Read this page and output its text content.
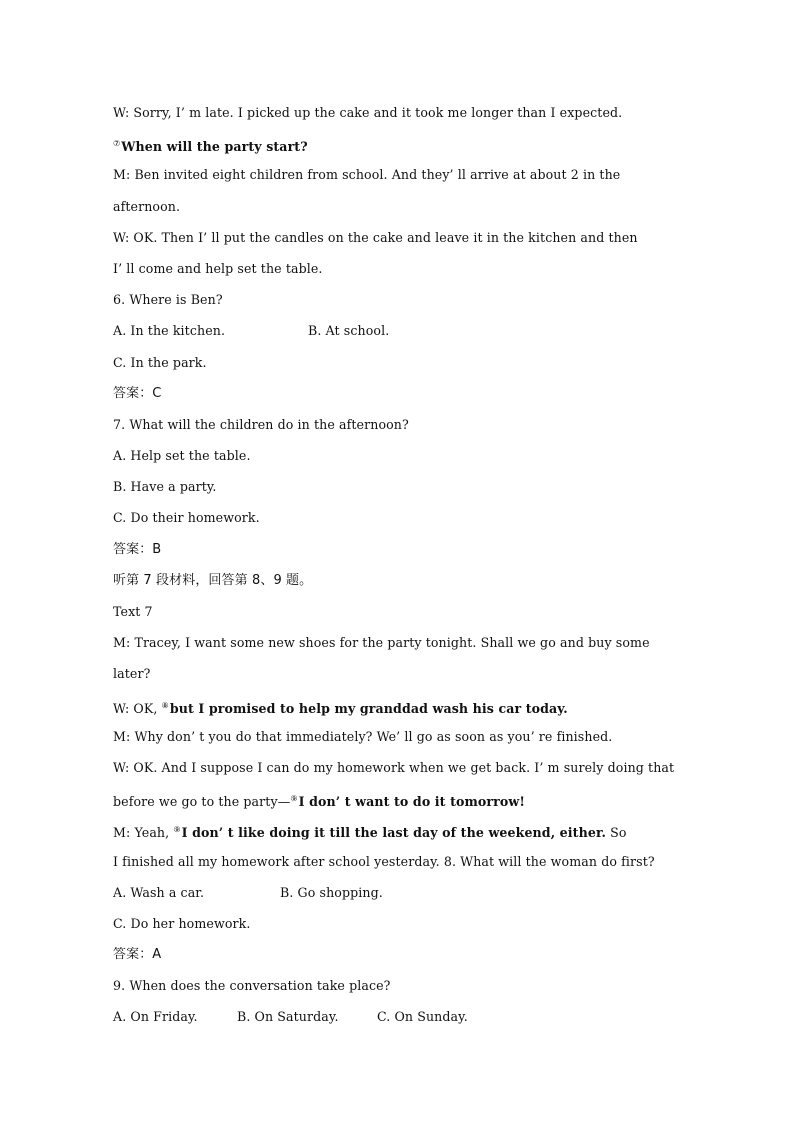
W: Sorry, I’ m late. I picked up the cake and it took me longer than I expected.
⑦When will the party start?
M: Ben invited eight children from school. And they’ ll arrive at about 2 in the
afternoon.
W: OK. Then I’ ll put the candles on the cake and leave it in the kitchen and then
I’ ll come and help set the table.
6. Where is Ben?
A. In the kitchen.	B. At school.
C. In the park.
答案：C
7. What will the children do in the afternoon?
A. Help set the table.
B. Have a party.
C. Do their homework.
答案：B
听第 7 段材料，回答第 8、9 题。
Text 7
M: Tracey, I want some new shoes for the party tonight. Shall we go and buy some
later?
W: OK, ⑧but I promised to help my granddad wash his car today.
M: Why don’ t you do that immediately? We’ ll go as soon as you’ re finished.
W: OK. And I suppose I can do my homework when we get back. I’ m surely doing that
before we go to the party—⑨I don’ t want to do it tomorrow!
M: Yeah, ⑨I don’ t like doing it till the last day of the weekend, either. So
I finished all my homework after school yesterday. 8. What will the woman do first?
A. Wash a car.	B. Go shopping.
C. Do her homework.
答案：A
9. When does the conversation take place?
A. On Friday.	B. On Saturday.	C. On Sunday.
